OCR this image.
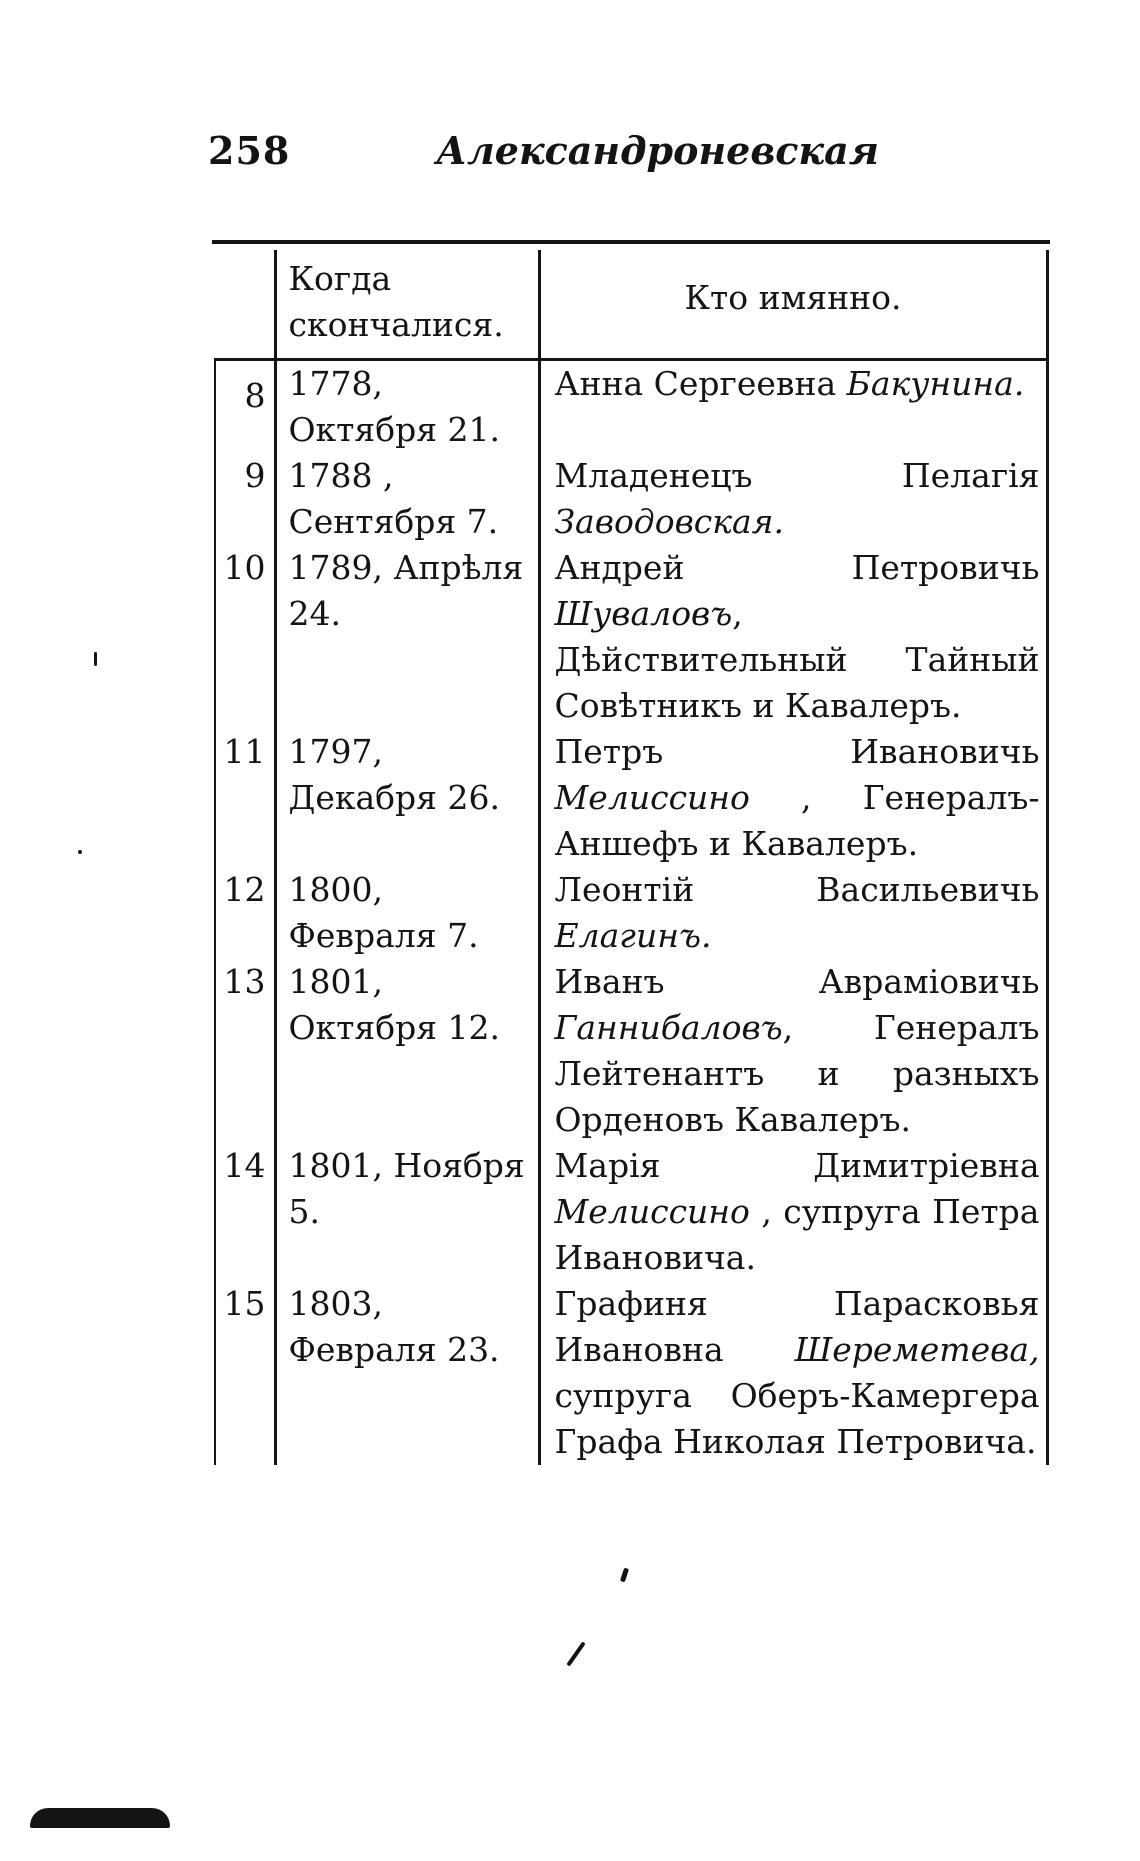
258	Александроневская
	Когда скончалися.	Кто имянно.
8	1778, Октября 21.	Анна Сергеевна Бакунина.
9	1788 , Сентября 7.	Младенецъ Пелагія Заводовская.
10	1789, Апрѣля 24.	Андрей Петровичь Шувaловъ, Дѣйствительный Тайный Совѣтникъ и Кавалеръ.
11	1797, Декабря 26.	Петръ Ивановичь Мелиссино , Генералъ-Аншефъ и Кавалеръ.
12	1800, Февраля 7.	Леонтій Васильевичь Елагинъ.
13	1801, Октября 12.	Иванъ Авраміовичь Ганнибаловъ, Генералъ Лейтенантъ и разныхъ Орденовъ Кавалеръ.
14	1801, Ноября 5.	Марія Димитріевна Мелиссино , супруга Петра Ивановича.
15	1803, Февраля 23.	Графиня Парасковья Ивановна Шереметева, супруга Оберъ-Камергера Графа Николая Петровича.
